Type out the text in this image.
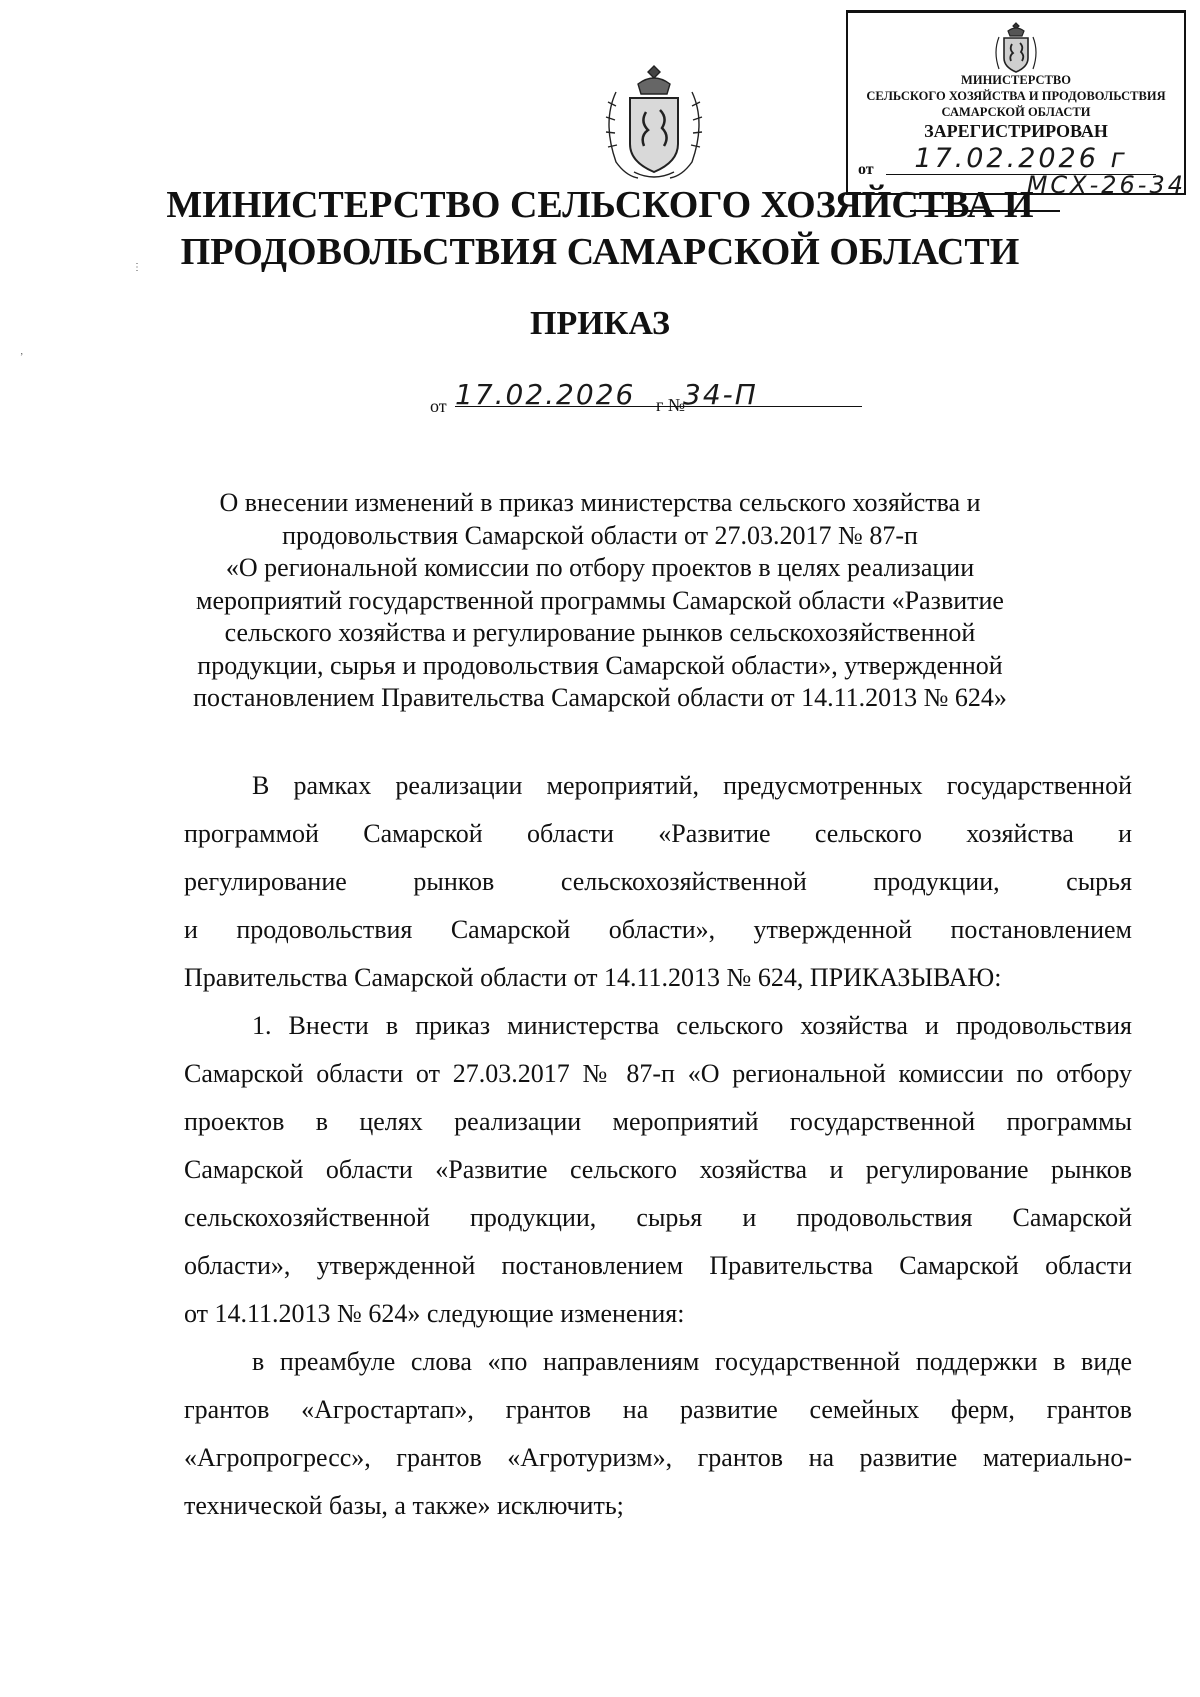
МИНИСТЕРСТВО
СЕЛЬСКОГО ХОЗЯЙСТВА И ПРОДОВОЛЬСТВИЯ
САМАРСКОЙ ОБЛАСТИ
ЗАРЕГИСТРИРОВАН
от	17.02.2026 г
МСХ-26-34
МИНИСТЕРСТВО СЕЛЬСКОГО ХОЗЯЙСТВА И
ПРОДОВОЛЬСТВИЯ САМАРСКОЙ ОБЛАСТИ
ПРИКАЗ
от 17.02.2026 г №
34-П
О внесении изменений в приказ министерства сельского хозяйства и
продовольствия Самарской области от 27.03.2017 № 87-п
«О региональной комиссии по отбору проектов в целях реализации
мероприятий государственной программы Самарской области «Развитие
сельского хозяйства и регулирование рынков сельскохозяйственной
продукции, сырья и продовольствия Самарской области», утвержденной
постановлением Правительства Самарской области от 14.11.2013 № 624»
В рамках реализации мероприятий, предусмотренных государственной
программой Самарской области «Развитие сельского хозяйства и
регулирование рынков сельскохозяйственной продукции, сырья
и продовольствия Самарской области», утвержденной постановлением
Правительства Самарской области от 14.11.2013 № 624, ПРИКАЗЫВАЮ:
1. Внести в приказ министерства сельского хозяйства и продовольствия
Самарской области от 27.03.2017 № 87-п «О региональной комиссии по отбору
проектов в целях реализации мероприятий государственной программы
Самарской области «Развитие сельского хозяйства и регулирование рынков
сельскохозяйственной продукции, сырья и продовольствия Самарской
области», утвержденной постановлением Правительства Самарской области
от 14.11.2013 № 624» следующие изменения:
в преамбуле слова «по направлениям государственной поддержки в виде
грантов «Агростартап», грантов на развитие семейных ферм, грантов
«Агропрогресс», грантов «Агротуризм», грантов на развитие материально-
технической базы, а также» исключить;
⋮
ʼ
